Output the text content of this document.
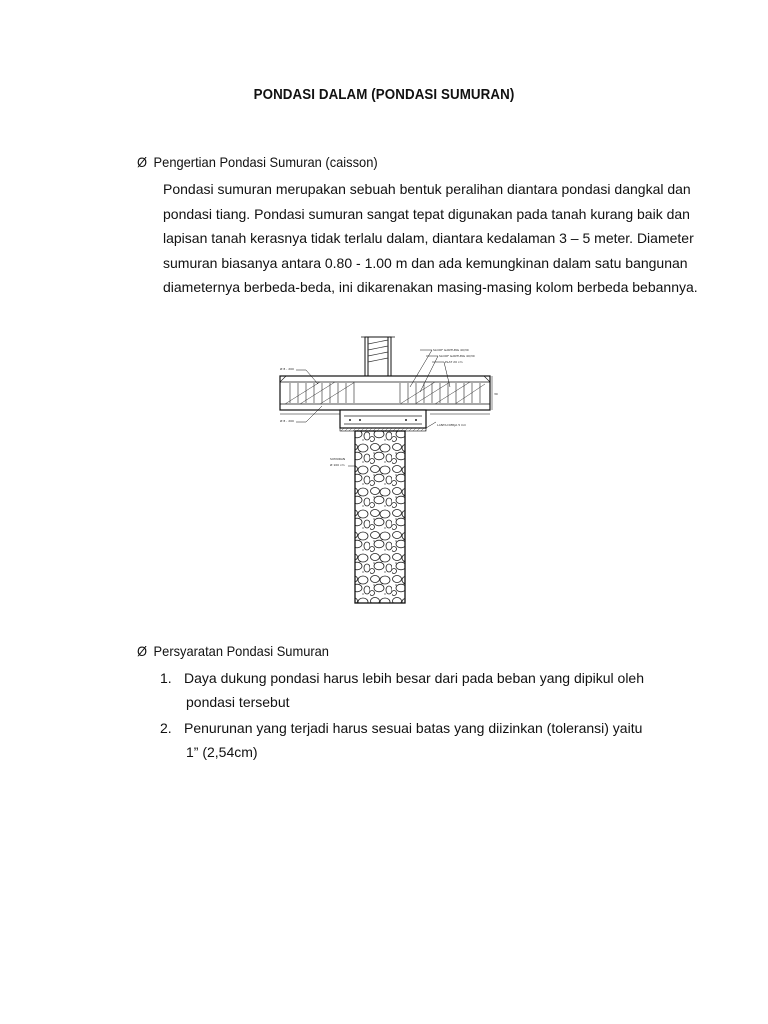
PONDASI DALAM (PONDASI SUMURAN)
Ø Pengertian Pondasi Sumuran (caisson)
Pondasi sumuran merupakan sebuah bentuk peralihan diantara pondasi dangkal dan
pondasi tiang. Pondasi sumuran sangat tepat digunakan pada tanah kurang baik dan
lapisan tanah kerasnya tidak terlalu dalam, diantara kedalaman 3 – 5 meter. Diameter
sumuran biasanya antara 0.80 - 1.00 m dan ada kemungkinan dalam satu bangunan
diameternya berbeda-beda, ini dikarenakan masing-masing kolom berbeda bebannya.
SLOOF GANTUNG 40/30
SLOOF GANTUNG 40/30
PLAT 20 cm
Ø 8 - 200
Ø 8 - 200
LANTAI KERJA 5 Cm
SUMURAN
Ø 100 cm
30
Ø Persyaratan Pondasi Sumuran
1. Daya dukung pondasi harus lebih besar dari pada beban yang dipikul oleh
pondasi tersebut
2. Penurunan yang terjadi harus sesuai batas yang diizinkan (toleransi) yaitu
1” (2,54cm)
